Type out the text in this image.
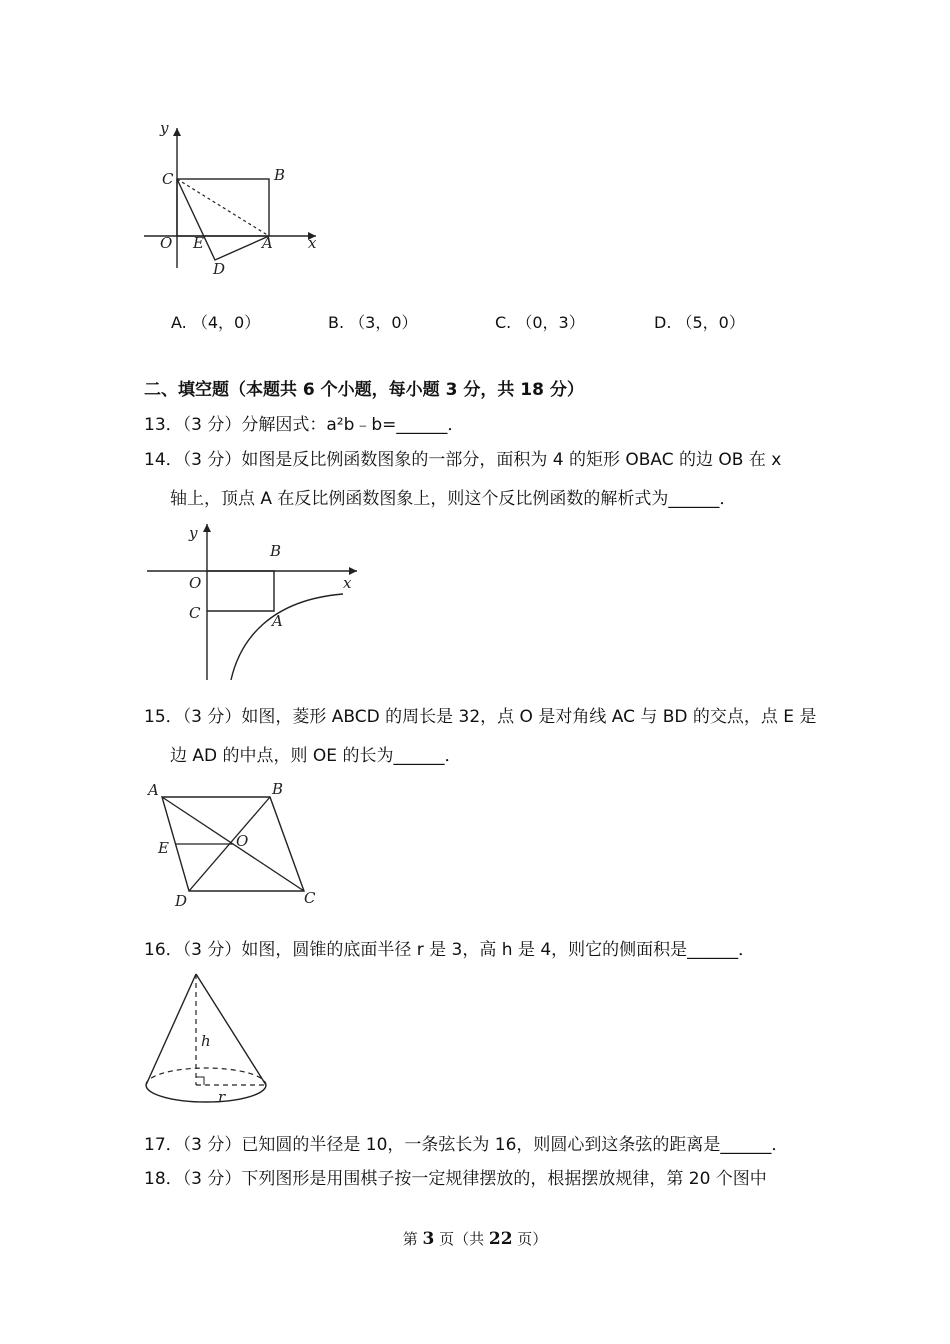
y
C	B
O E	A x
D
A. （4，0）	B. （3，0）	C. （0，3）	D. （5，0）
二、填空题（本题共 6 个小题，每小题 3 分，共 18 分）
13．（3 分）分解因式：a²b﹣b=______．
14．（3 分）如图是反比例函数图象的一部分，面积为 4 的矩形 OBAC 的边 OB 在 x
轴上，顶点 A 在反比例函数图象上，则这个反比例函数的解析式为______．
y
B
O	x
C	A
15．（3 分）如图，菱形 ABCD 的周长是 32，点 O 是对角线 AC 与 BD 的交点，点 E 是
边 AD 的中点，则 OE 的长为______．
A	B
E	O
D	C
16．（3 分）如图，圆锥的底面半径 r 是 3，高 h 是 4，则它的侧面积是______．
h
r
17．（3 分）已知圆的半径是 10，一条弦长为 16，则圆心到这条弦的距离是______．
18．（3 分）下列图形是用围棋子按一定规律摆放的，根据摆放规律，第 20 个图中
第 3 页（共 22 页）
